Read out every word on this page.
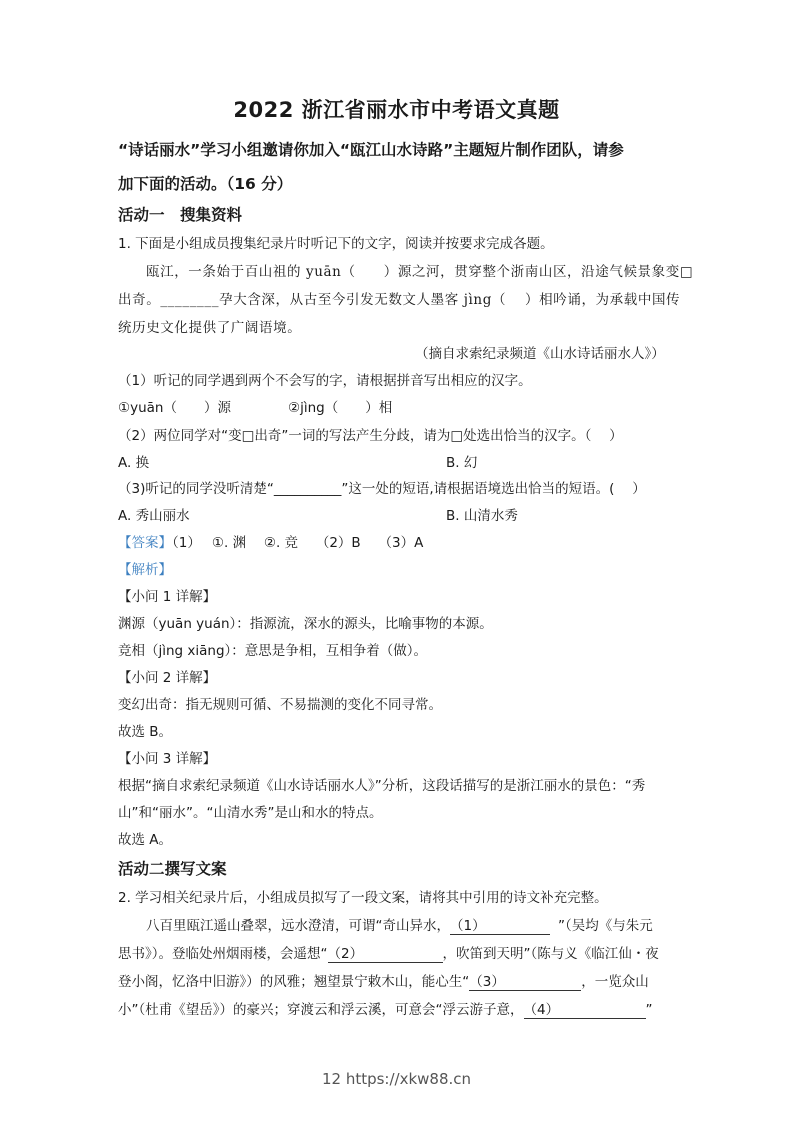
2022 浙江省丽水市中考语文真题
“诗话丽水”学习小组邀请你加入“瓯江山水诗路”主题短片制作团队，请参
加下面的活动。（16 分）
活动一　搜集资料
1. 下面是小组成员搜集纪录片时听记下的文字，阅读并按要求完成各题。
瓯江，一条始于百山祖的 yuān（　　）源之河，贯穿整个浙南山区，沿途气候景象变□
出奇。________孕大含深，从古至今引发无数文人墨客 jìng（　 ）相吟诵，为承载中国传
统历史文化提供了广阔语境。
（摘自求索纪录频道《山水诗话丽水人》）
（1）听记的同学遇到两个不会写的字，请根据拼音写出相应的汉字。
①yuān（　　）源	②jìng（　　）相
（2）两位同学对“变□出奇”一词的写法产生分歧，请为□处选出恰当的汉字。（　 ）
A. 换	B. 幻
（3)听记的同学没听清楚“__________”这一处的短语,请根据语境选出恰当的短语。(　 ）
A. 秀山丽水	B. 山清水秀
【答案】（1）　 ①. 渊　 ②. 竞　 （2）B　 （3）A
【解析】
【小问 1 详解】
渊源（yuān yuán）：指源流，深水的源头，比喻事物的本源。
竞相（jìng xiāng）：意思是争相，互相争着（做）。
【小问 2 详解】
变幻出奇：指无规则可循、不易揣测的变化不同寻常。
故选 B。
【小问 3 详解】
根据“摘自求索纪录频道《山水诗话丽水人》”分析，这段话描写的是浙江丽水的景色：“秀
山”和“丽水”。“山清水秀”是山和水的特点。
故选 A。
活动二撰写文案
2. 学习相关纪录片后，小组成员拟写了一段文案，请将其中引用的诗文补充完整。
八百里瓯江遥山叠翠，远水澄清，可谓“奇山异水，（1）	”（吴均《与朱元
思书》）。登临处州烟雨楼，会遥想“（2）	，吹笛到天明”（陈与义《临江仙・夜
登小阁，忆洛中旧游》）的风雅；翘望景宁敕木山，能心生“（3）	，一览众山
小”（杜甫《望岳》）的豪兴；穿渡云和浮云溪，可意会“浮云游子意，（4）	”
12 https://xkw88.cn
